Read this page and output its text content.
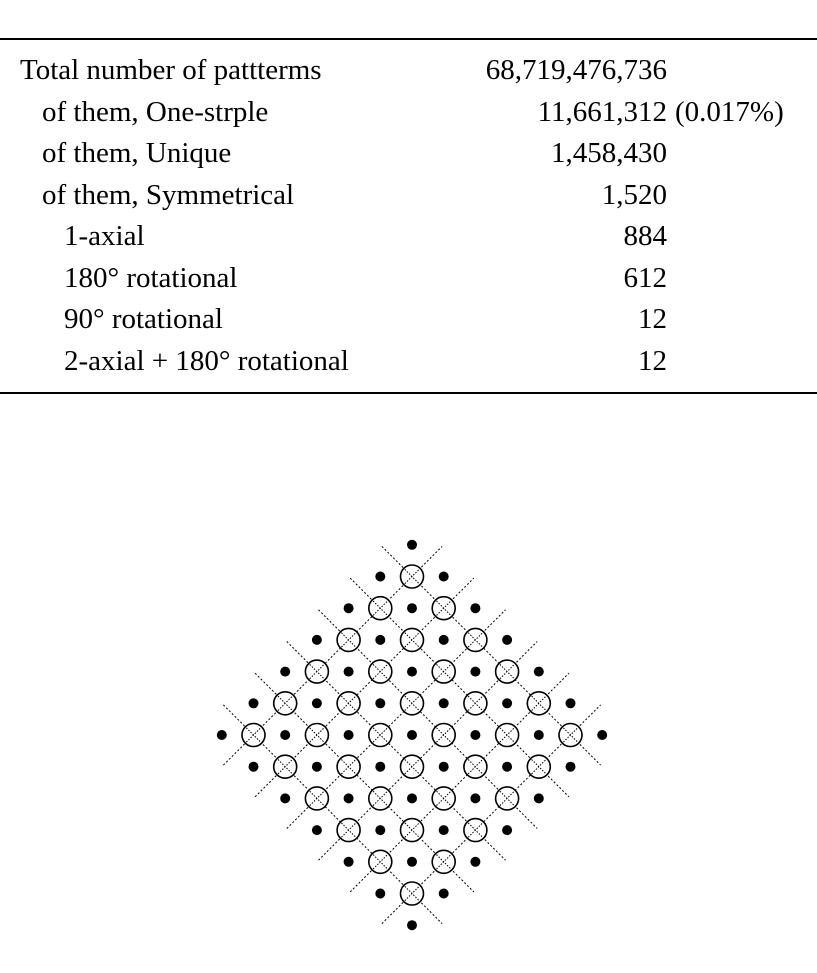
Total number of pattterms	68,719,476,736
of them, One-strple	11,661,312 (0.017%)
of them, Unique	1,458,430
of them, Symmetrical	1,520
1-axial	884
180° rotational	612
90° rotational	12
2-axial + 180° rotational	12
